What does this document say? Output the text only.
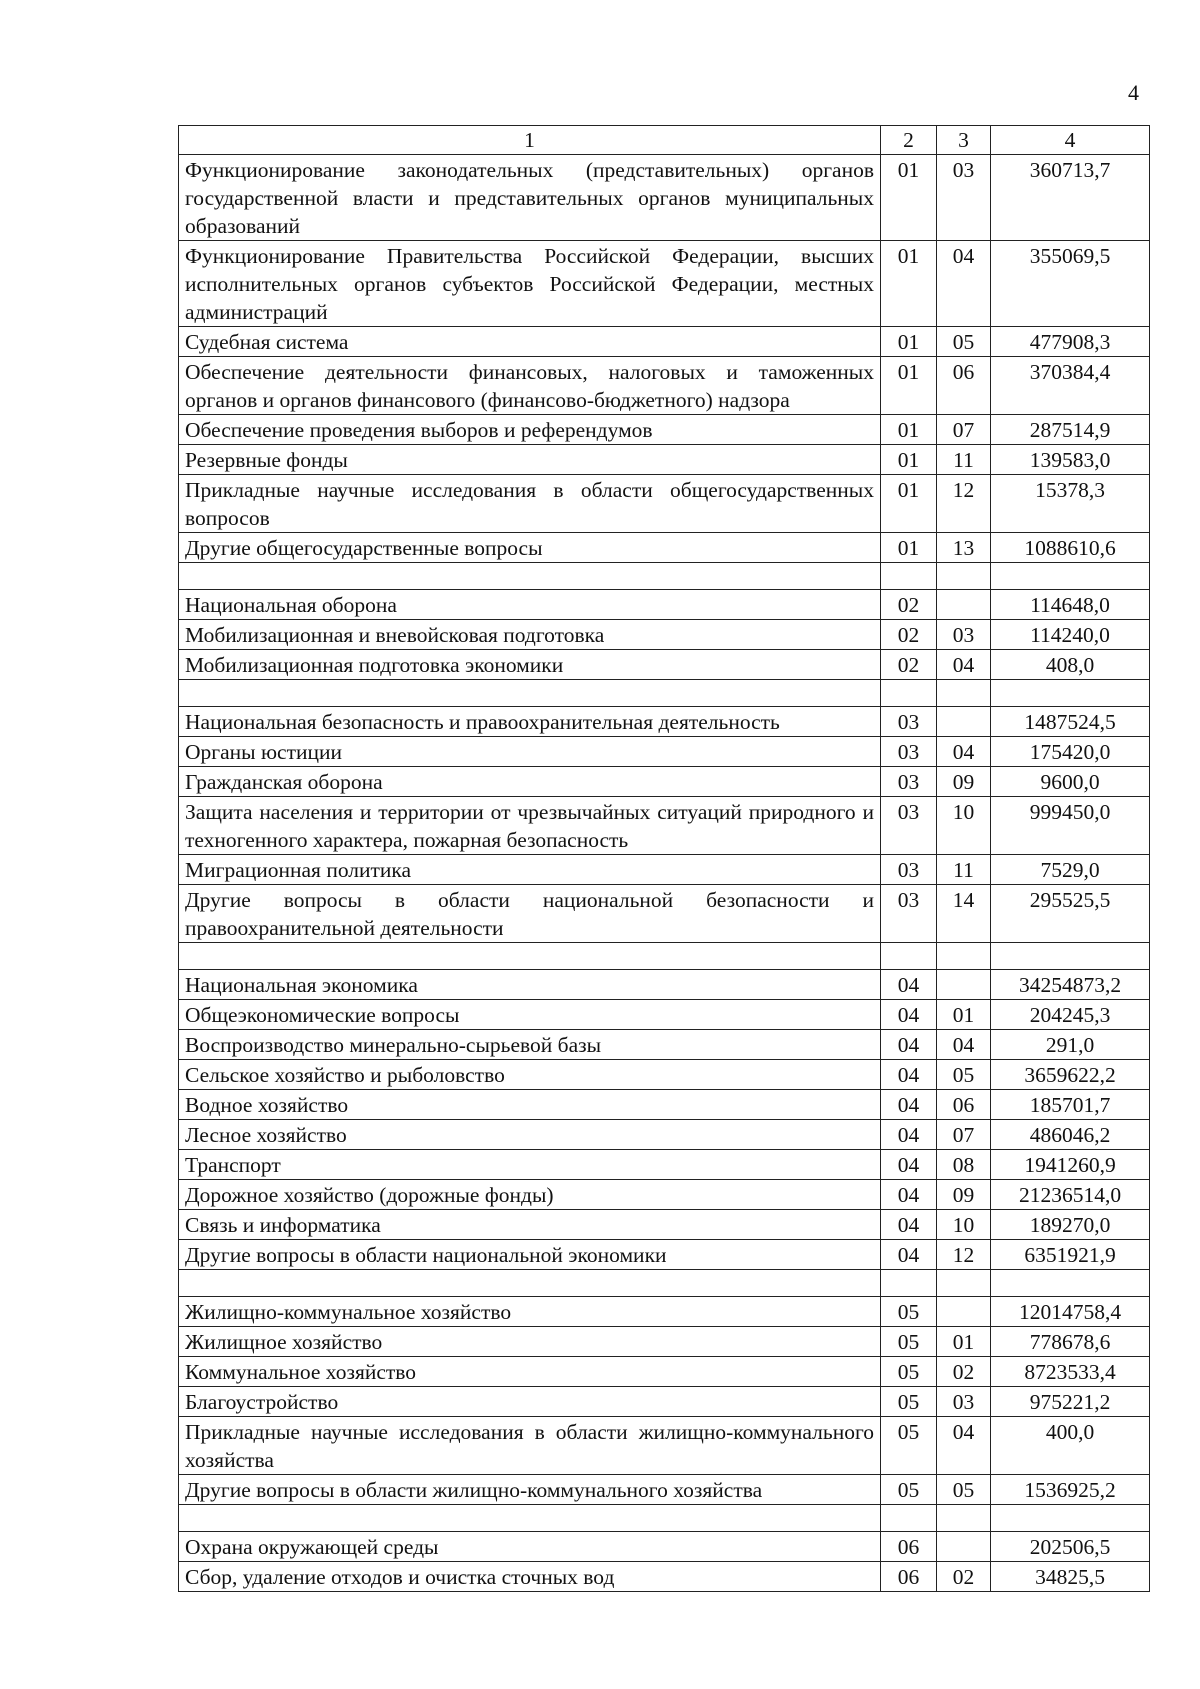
4
1	2	3	4
Функционирование законодательных (представительных) органов государственной власти и представительных органов муниципальных образований	01	03	360713,7
Функционирование Правительства Российской Федерации, высших исполнительных органов субъектов Российской Федерации, местных администраций	01	04	355069,5
Судебная система	01	05	477908,3
Обеспечение деятельности финансовых, налоговых и таможенных органов и органов финансового (финансово-бюджетного) надзора	01	06	370384,4
Обеспечение проведения выборов и референдумов	01	07	287514,9
Резервные фонды	01	11	139583,0
Прикладные научные исследования в области общегосударственных вопросов	01	12	15378,3
Другие общегосударственные вопросы	01	13	1088610,6

Национальная оборона	02		114648,0
Мобилизационная и вневойсковая подготовка	02	03	114240,0
Мобилизационная подготовка экономики	02	04	408,0

Национальная безопасность и правоохранительная деятельность	03		1487524,5
Органы юстиции	03	04	175420,0
Гражданская оборона	03	09	9600,0
Защита населения и территории от чрезвычайных ситуаций природного и техногенного характера, пожарная безопасность	03	10	999450,0
Миграционная политика	03	11	7529,0
Другие вопросы в области национальной безопасности и правоохранительной деятельности	03	14	295525,5

Национальная экономика	04		34254873,2
Общеэкономические вопросы	04	01	204245,3
Воспроизводство минерально-сырьевой базы	04	04	291,0
Сельское хозяйство и рыболовство	04	05	3659622,2
Водное хозяйство	04	06	185701,7
Лесное хозяйство	04	07	486046,2
Транспорт	04	08	1941260,9
Дорожное хозяйство (дорожные фонды)	04	09	21236514,0
Связь и информатика	04	10	189270,0
Другие вопросы в области национальной экономики	04	12	6351921,9

Жилищно-коммунальное хозяйство	05		12014758,4
Жилищное хозяйство	05	01	778678,6
Коммунальное хозяйство	05	02	8723533,4
Благоустройство	05	03	975221,2
Прикладные научные исследования в области жилищно-коммунального хозяйства	05	04	400,0
Другие вопросы в области жилищно-коммунального хозяйства	05	05	1536925,2

Охрана окружающей среды	06		202506,5
Сбор, удаление отходов и очистка сточных вод	06	02	34825,5
